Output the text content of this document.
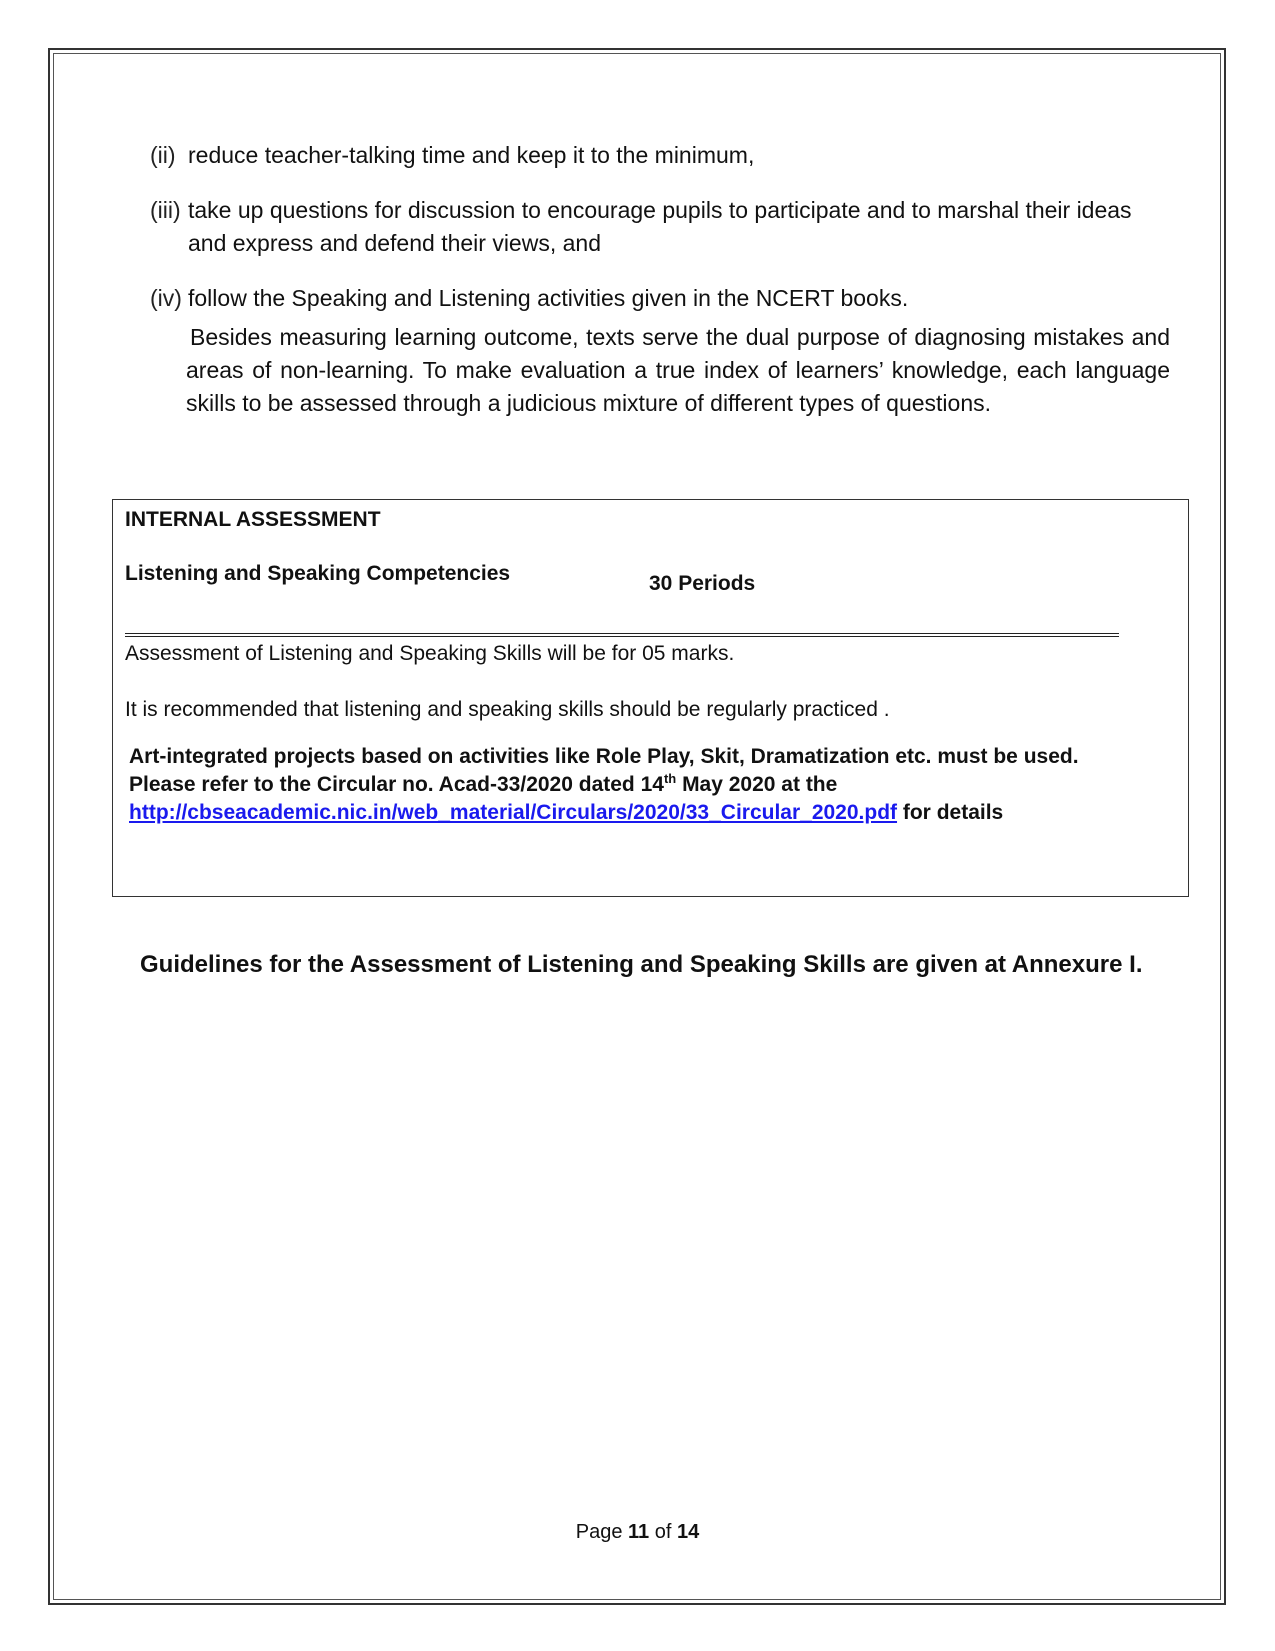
(ii) reduce teacher-talking time and keep it to the minimum,
(iii) take up questions for discussion to encourage pupils to participate and to marshal their ideas and express and defend their views, and
(iv) follow the Speaking and Listening activities given in the NCERT books.
Besides measuring learning outcome, texts serve the dual purpose of diagnosing mistakes and areas of non-learning. To make evaluation a true index of learners’ knowledge, each language skills to be assessed through a judicious mixture of different types of questions.
INTERNAL ASSESSMENT
Listening and Speaking Competencies	30 Periods
Assessment of Listening and Speaking Skills will be for 05 marks.
It is recommended that listening and speaking skills should be regularly practiced .
Art-integrated projects based on activities like Role Play, Skit, Dramatization etc. must be used.
Please refer to the Circular no. Acad-33/2020 dated 14th May 2020 at the
http://cbseacademic.nic.in/web_material/Circulars/2020/33_Circular_2020.pdf for details
Guidelines for the Assessment of Listening and Speaking Skills are given at Annexure I.
Page 11 of 14
